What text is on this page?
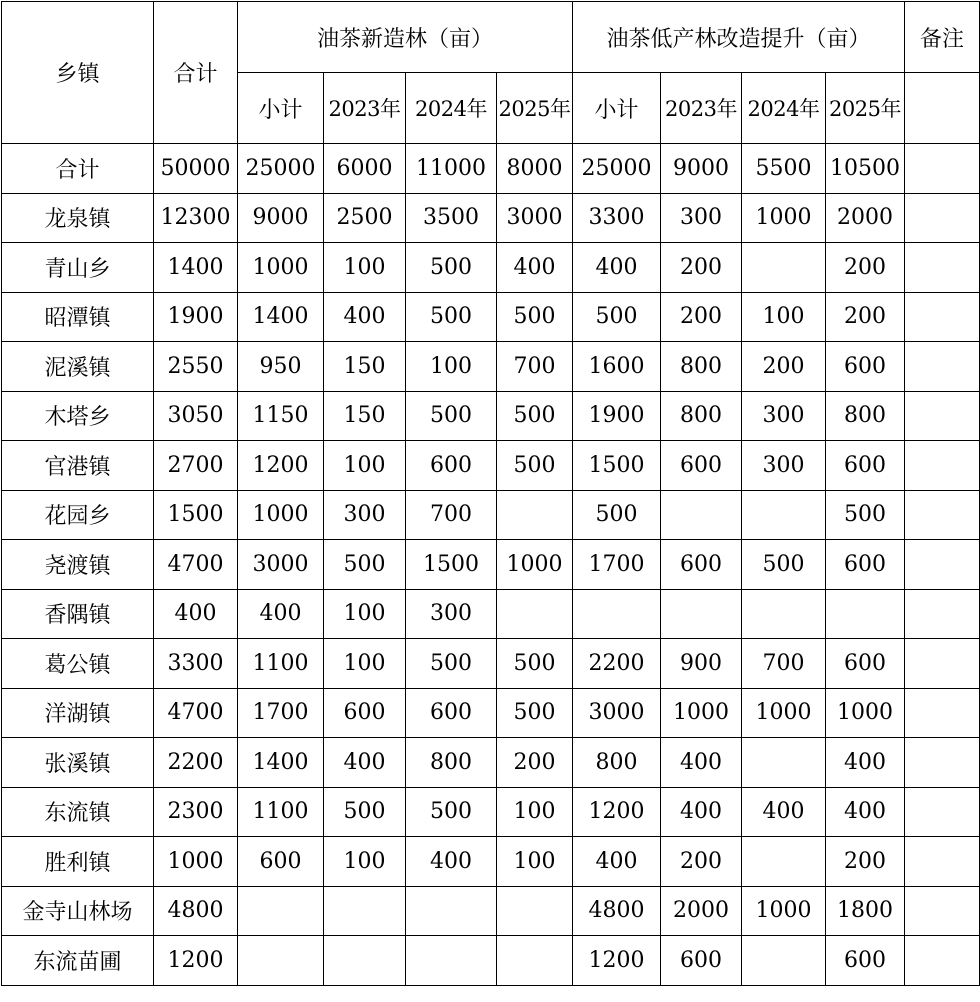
乡镇	合计	油茶新造林（亩）				油茶低产林改造提升（亩）				备注
		小计	2023年	2024年	2025年	小计	2023年	2024年	2025年	
合计	50000	25000	6000	11000	8000	25000	9000	5500	10500	
龙泉镇	12300	9000	2500	3500	3000	3300	300	1000	2000	
青山乡	1400	1000	100	500	400	400	200		200	
昭潭镇	1900	1400	400	500	500	500	200	100	200	
泥溪镇	2550	950	150	100	700	1600	800	200	600	
木塔乡	3050	1150	150	500	500	1900	800	300	800	
官港镇	2700	1200	100	600	500	1500	600	300	600	
花园乡	1500	1000	300	700		500			500	
尧渡镇	4700	3000	500	1500	1000	1700	600	500	600	
香隅镇	400	400	100	300						
葛公镇	3300	1100	100	500	500	2200	900	700	600	
洋湖镇	4700	1700	600	600	500	3000	1000	1000	1000	
张溪镇	2200	1400	400	800	200	800	400		400	
东流镇	2300	1100	500	500	100	1200	400	400	400	
胜利镇	1000	600	100	400	100	400	200		200	
金寺山林场	4800					4800	2000	1000	1800	
东流苗圃	1200					1200	600		600	
